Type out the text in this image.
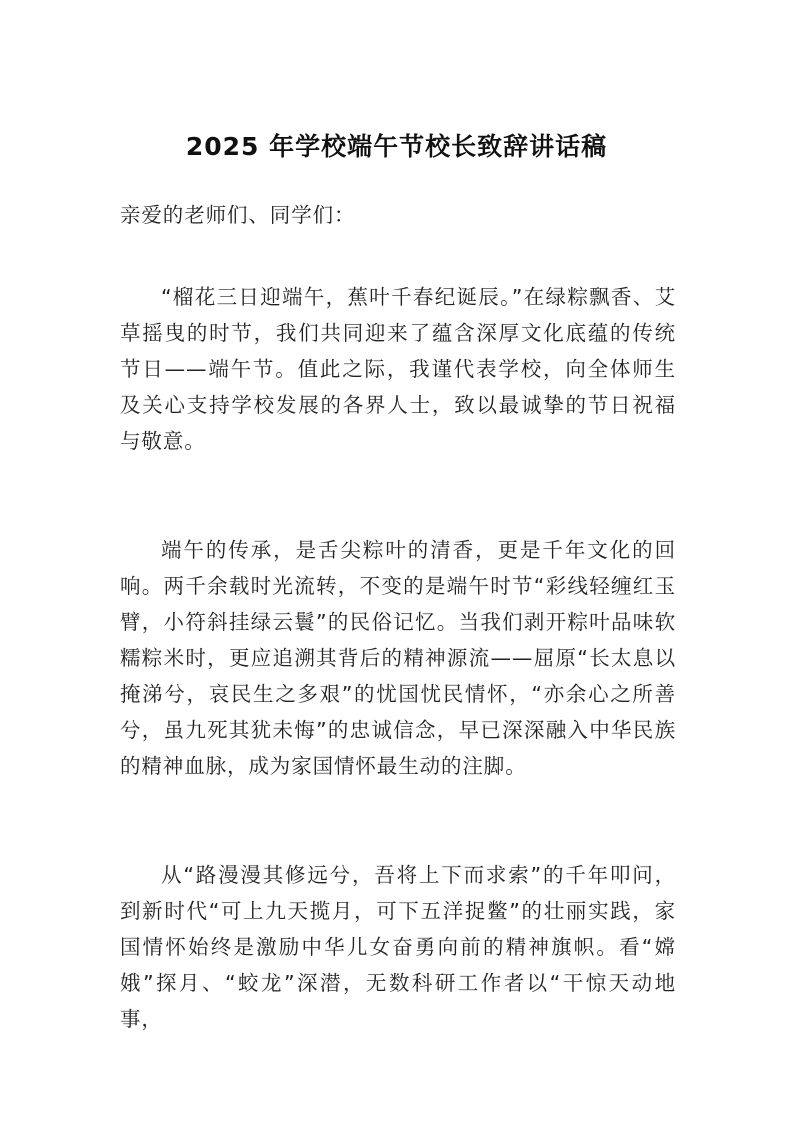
2025 年学校端午节校长致辞讲话稿
亲爱的老师们、同学们：

“榴花三日迎端午，蕉叶千春纪诞辰。”在绿粽飘香、艾草摇曳的时节，我们共同迎来了蕴含深厚文化底蕴的传统节日——端午节。值此之际，我谨代表学校，向全体师生及关心支持学校发展的各界人士，致以最诚挚的节日祝福与敬意。

端午的传承，是舌尖粽叶的清香，更是千年文化的回响。两千余载时光流转，不变的是端午时节“彩线轻缠红玉臂，小符斜挂绿云鬟”的民俗记忆。当我们剥开粽叶品味软糯粽米时，更应追溯其背后的精神源流——屈原“长太息以掩涕兮，哀民生之多艰”的忧国忧民情怀，“亦余心之所善兮，虽九死其犹未悔”的忠诚信念，早已深深融入中华民族的精神血脉，成为家国情怀最生动的注脚。

从“路漫漫其修远兮，吾将上下而求索”的千年叩问，到新时代“可上九天揽月，可下五洋捉鳖”的壮丽实践，家国情怀始终是激励中华儿女奋勇向前的精神旗帜。看“嫦娥”探月、“蛟龙”深潜，无数科研工作者以“干惊天动地事，
